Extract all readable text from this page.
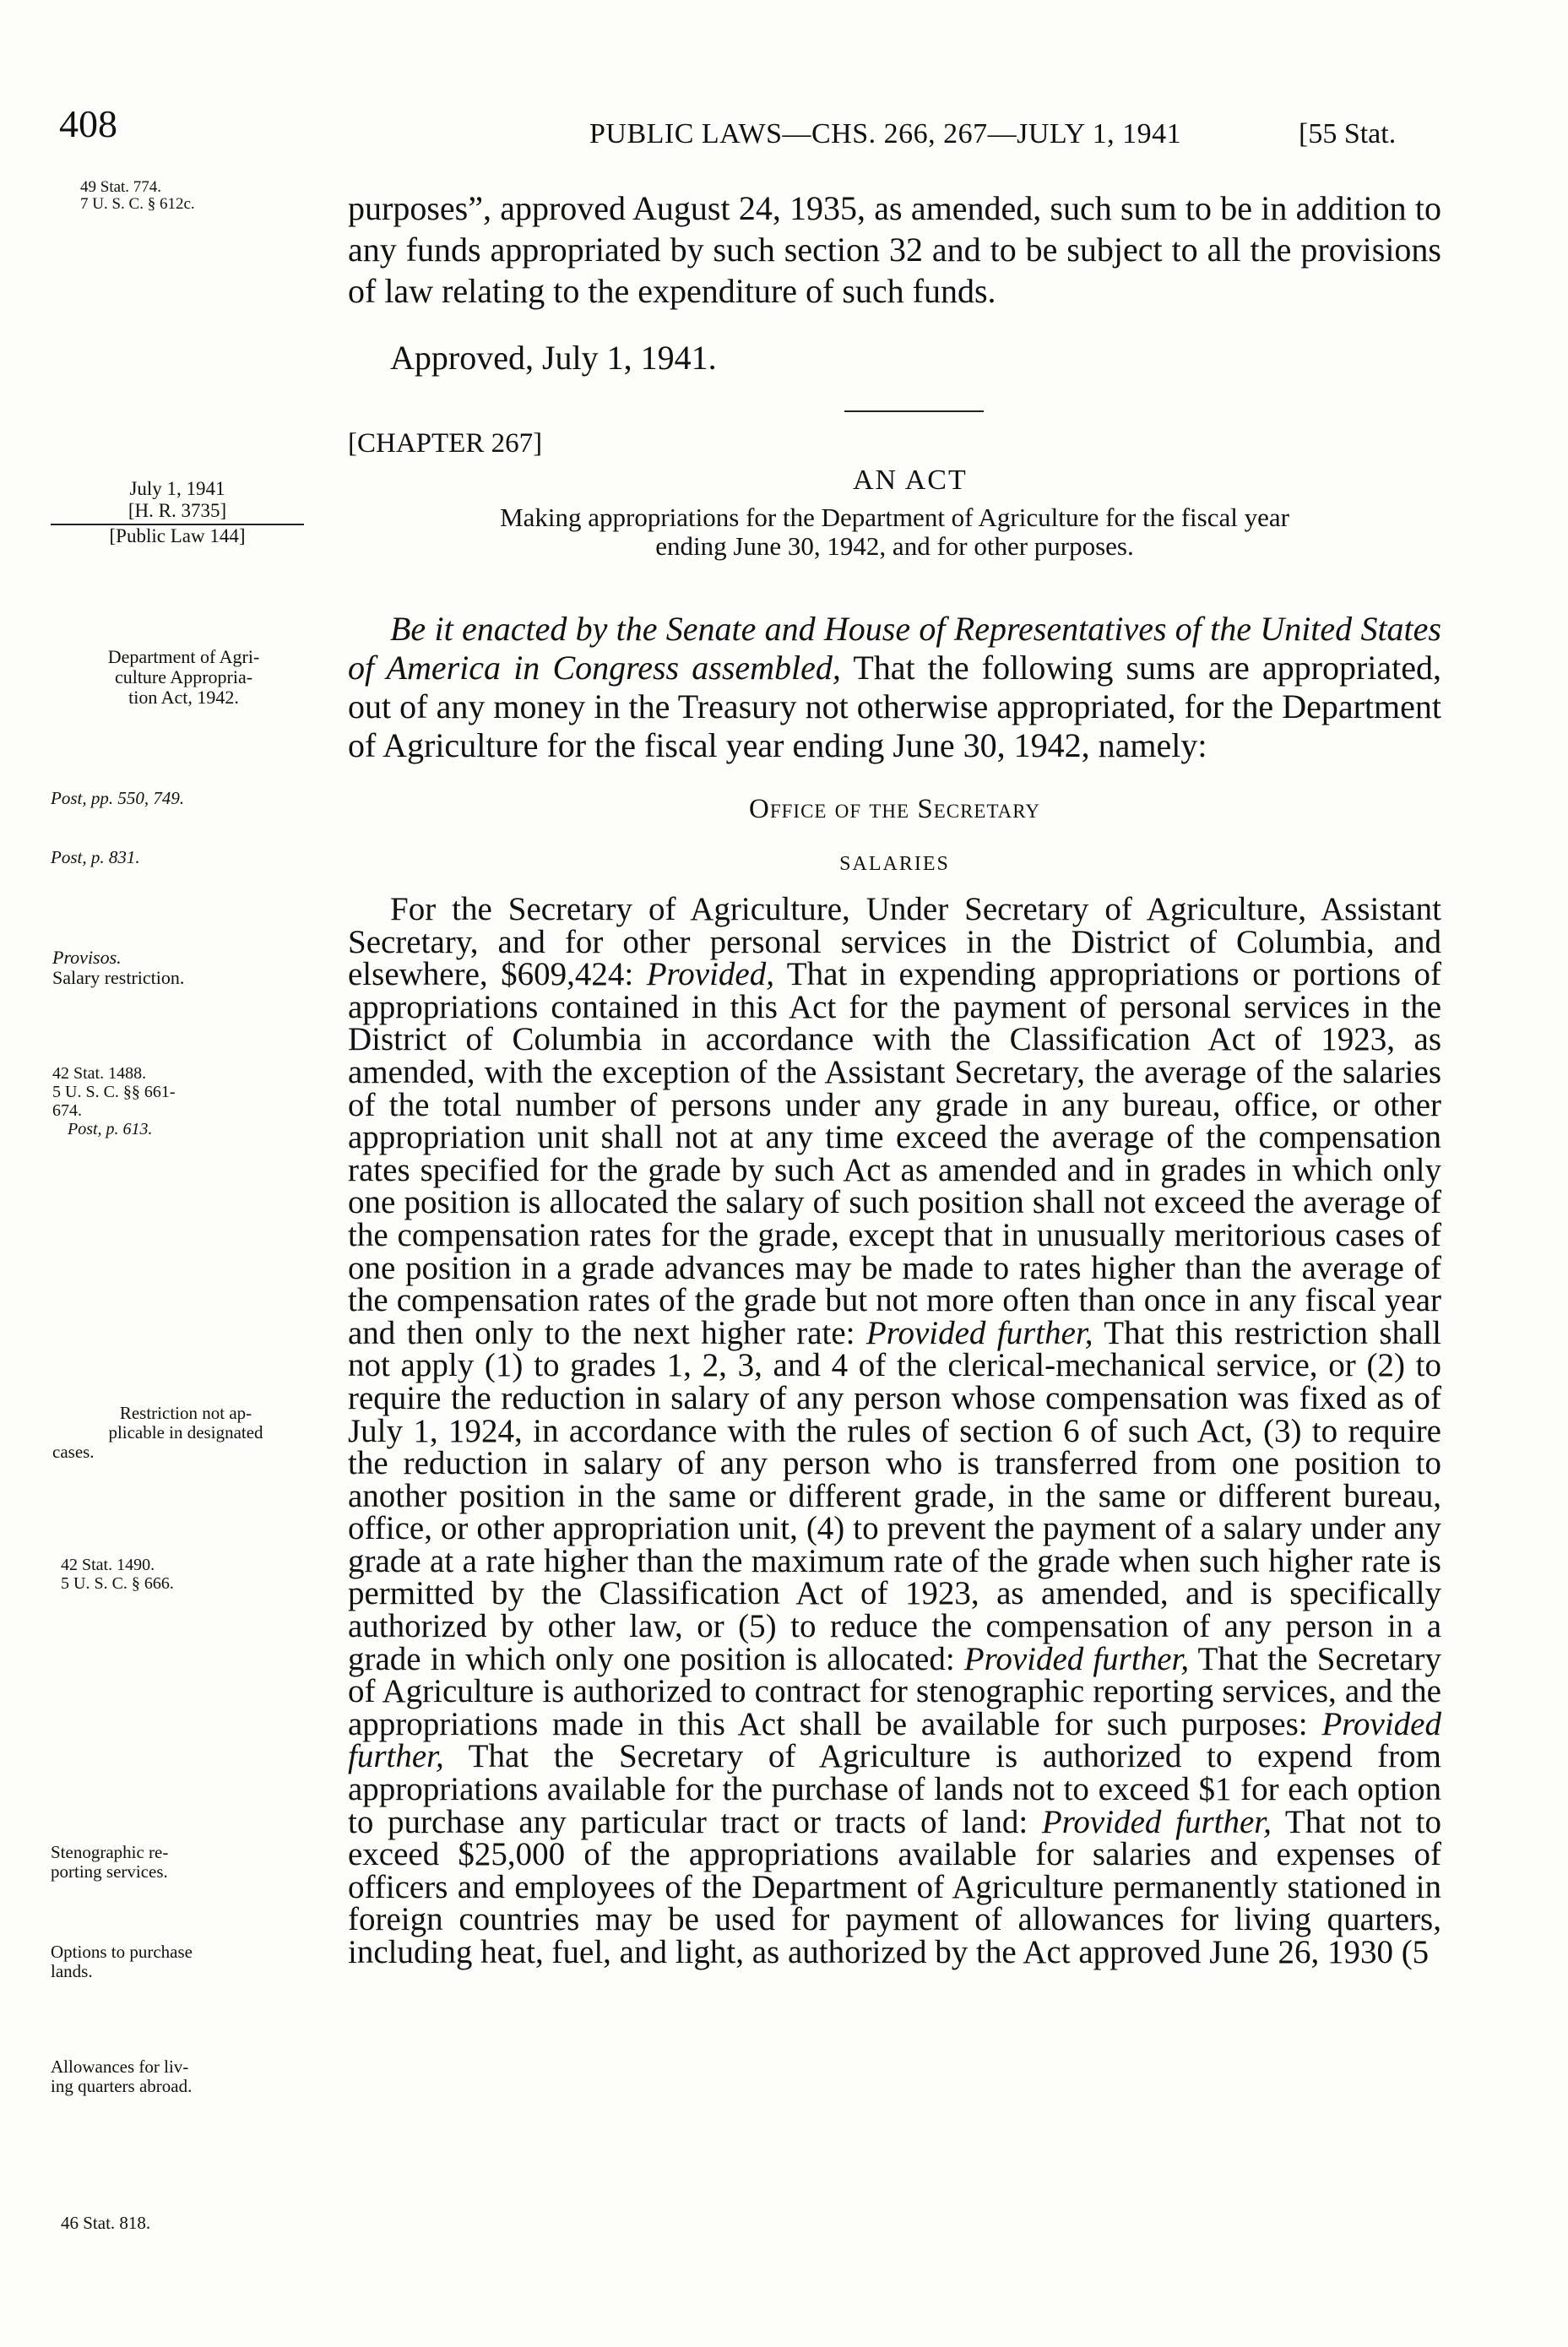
408	PUBLIC LAWS—CHS. 266, 267—JULY 1, 1941	[55 Stat.
49 Stat. 774.
7 U. S. C. § 612c.	purposes”, approved August 24, 1935, as amended, such sum to be in addition to any funds appropriated by such section 32 and to be subject to all the provisions of law relating to the expenditure of such funds.
Approved, July 1, 1941.
[CHAPTER 267]
AN ACT
July 1, 1941
[H. R. 3735]
[Public Law 144]
Making appropriations for the Department of Agriculture for the fiscal year
ending June 30, 1942, and for other purposes.
Department of Agri-
culture Appropria-
tion Act, 1942.
Be it enacted by the Senate and House of Representatives of the United States of America in Congress assembled, That the following sums are appropriated, out of any money in the Treasury not otherwise appropriated, for the Department of Agriculture for the fiscal year ending June 30, 1942, namely:
Post, pp. 550, 749.
Post, p. 831.
Office of the Secretary
SALARIES
Provisos.
Salary restriction.
42 Stat. 1488.
5 U. S. C. §§ 661-
674.
Post, p. 613.
Restriction not ap-
plicable in designated
cases.
42 Stat. 1490.
5 U. S. C. § 666.
Stenographic re-
porting services.
Options to purchase
lands.
Allowances for liv-
ing quarters abroad.
46 Stat. 818.
For the Secretary of Agriculture, Under Secretary of Agriculture, Assistant Secretary, and for other personal services in the District of Columbia, and elsewhere, $609,424: Provided, That in expending appropriations or portions of appropriations contained in this Act for the payment of personal services in the District of Columbia in accordance with the Classification Act of 1923, as amended, with the exception of the Assistant Secretary, the average of the salaries of the total number of persons under any grade in any bureau, office, or other appropriation unit shall not at any time exceed the average of the compensation rates specified for the grade by such Act as amended and in grades in which only one position is allocated the salary of such position shall not exceed the average of the compensation rates for the grade, except that in unusually meritorious cases of one position in a grade advances may be made to rates higher than the average of the compensation rates of the grade but not more often than once in any fiscal year and then only to the next higher rate: Provided further, That this restriction shall not apply (1) to grades 1, 2, 3, and 4 of the clerical-mechanical service, or (2) to require the reduction in salary of any person whose compensation was fixed as of July 1, 1924, in accordance with the rules of section 6 of such Act, (3) to require the reduction in salary of any person who is transferred from one position to another position in the same or different grade, in the same or different bureau, office, or other appropriation unit, (4) to prevent the payment of a salary under any grade at a rate higher than the maximum rate of the grade when such higher rate is permitted by the Classification Act of 1923, as amended, and is specifically authorized by other law, or (5) to reduce the compensation of any person in a grade in which only one position is allocated: Provided further, That the Secretary of Agriculture is authorized to contract for stenographic reporting services, and the appropriations made in this Act shall be available for such purposes: Provided further, That the Secretary of Agriculture is authorized to expend from appropriations available for the purchase of lands not to exceed $1 for each option to purchase any particular tract or tracts of land: Provided further, That not to exceed $25,000 of the appropriations available for salaries and expenses of officers and employees of the Department of Agriculture permanently stationed in foreign countries may be used for payment of allowances for living quarters, including heat, fuel, and light, as authorized by the Act approved June 26, 1930 (5
